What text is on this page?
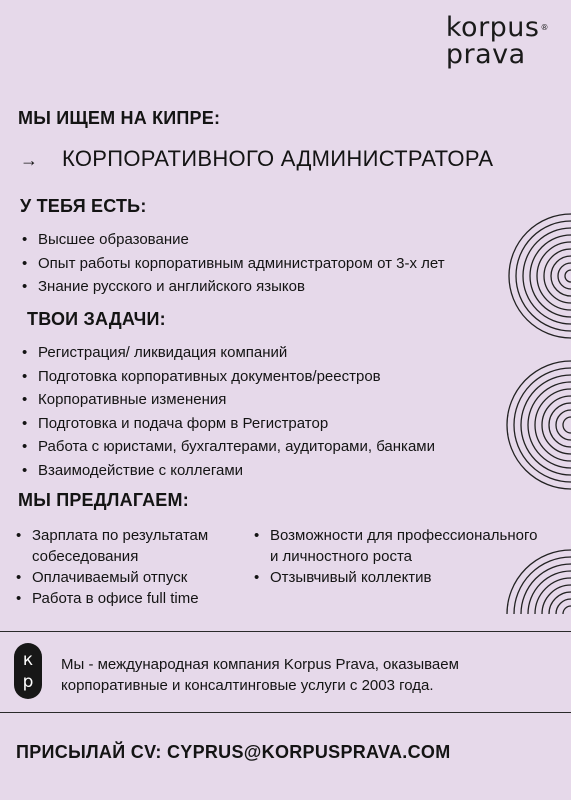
korpus®
prava
МЫ ИЩЕМ НА КИПРЕ:
→ КОРПОРАТИВНОГО АДМИНИСТРАТОРА
У ТЕБЯ ЕСТЬ:
• Высшее образование
• Опыт работы корпоративным администратором от 3-х лет
• Знание русского и английского языков
ТВОИ ЗАДАЧИ:
• Регистрация/ ликвидация компаний
• Подготовка корпоративных документов/реестров
• Корпоративные изменения
• Подготовка и подача форм в Регистратор
• Работа с юристами, бухгалтерами, аудиторами, банками
• Взаимодействие с коллегами
МЫ ПРЕДЛАГАЕМ:
• Зарплата по результатам собеседования
• Оплачиваемый отпуск
• Работа в офисе full time
• Возможности для профессионального и личностного роста
• Отзывчивый коллектив
к
р
Мы - международная компания Korpus Prava, оказываем корпоративные и консалтинговые услуги с 2003 года.
ПРИСЫЛАЙ CV: CYPRUS@KORPUSPRAVA.COM
